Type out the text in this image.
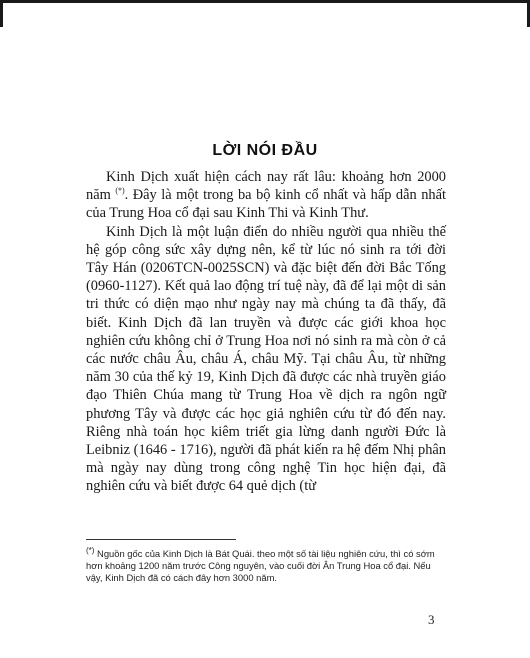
LỜI NÓI ĐẦU

Kinh Dịch xuất hiện cách nay rất lâu: khoảng hơn 2000 năm (*). Đây là một trong ba bộ kinh cổ nhất và hấp dẫn nhất của Trung Hoa cổ đại sau Kinh Thi và Kinh Thư.

Kinh Dịch là một luận điển do nhiều người qua nhiều thế hệ góp công sức xây dựng nên, kể từ lúc nó sinh ra tới đời Tây Hán (0206TCN-0025SCN) và đặc biệt đến đời Bắc Tống (0960-1127). Kết quả lao động trí tuệ này, đã để lại một di sản tri thức có diện mạo như ngày nay mà chúng ta đã thấy, đã biết. Kinh Dịch đã lan truyền và được các giới khoa học nghiên cứu không chỉ ở Trung Hoa nơi nó sinh ra mà còn ở cả các nước châu Âu, châu Á, châu Mỹ. Tại châu Âu, từ những năm 30 của thế kỷ 19, Kinh Dịch đã được các nhà truyền giáo đạo Thiên Chúa mang từ Trung Hoa về dịch ra ngôn ngữ phương Tây và được các học giả nghiên cứu từ đó đến nay. Riêng nhà toán học kiêm triết gia lừng danh người Đức là Leibniz (1646 - 1716), người đã phát kiến ra hệ đếm Nhị phân mà ngày nay dùng trong công nghệ Tin học hiện đại, đã nghiên cứu và biết được 64 quẻ dịch (từ

(*) Nguồn gốc của Kinh Dịch là Bát Quái. theo một số tài liệu nghiên cứu, thì có sớm hơn khoảng 1200 năm trước Công nguyên, vào cuối đời Ân Trung Hoa cổ đại. Nếu vậy, Kinh Dịch đã có cách đây hơn 3000 năm.
3
